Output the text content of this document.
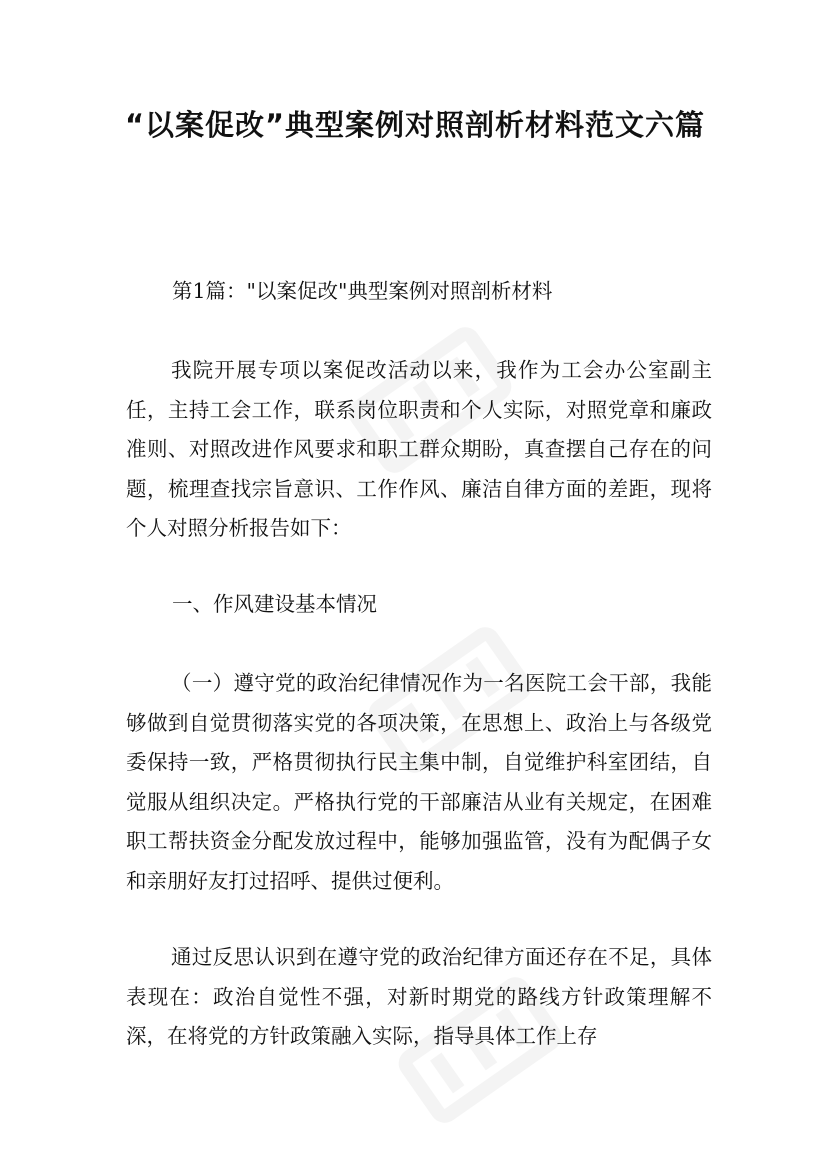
“以案促改”典型案例对照剖析材料范文六篇

第1篇："以案促改"典型案例对照剖析材料

我院开展专项以案促改活动以来，我作为工会办公室副主任，主持工会工作，联系岗位职责和个人实际，对照党章和廉政准则、对照改进作风要求和职工群众期盼，真查摆自己存在的问题，梳理查找宗旨意识、工作作风、廉洁自律方面的差距，现将个人对照分析报告如下：

一、作风建设基本情况

（一）遵守党的政治纪律情况作为一名医院工会干部，我能够做到自觉贯彻落实党的各项决策，在思想上、政治上与各级党委保持一致，严格贯彻执行民主集中制，自觉维护科室团结，自觉服从组织决定。严格执行党的干部廉洁从业有关规定，在困难职工帮扶资金分配发放过程中，能够加强监管，没有为配偶子女和亲朋好友打过招呼、提供过便利。

通过反思认识到在遵守党的政治纪律方面还存在不足，具体表现在：政治自觉性不强，对新时期党的路线方针政策理解不深，在将党的方针政策融入实际，指导具体工作上存
